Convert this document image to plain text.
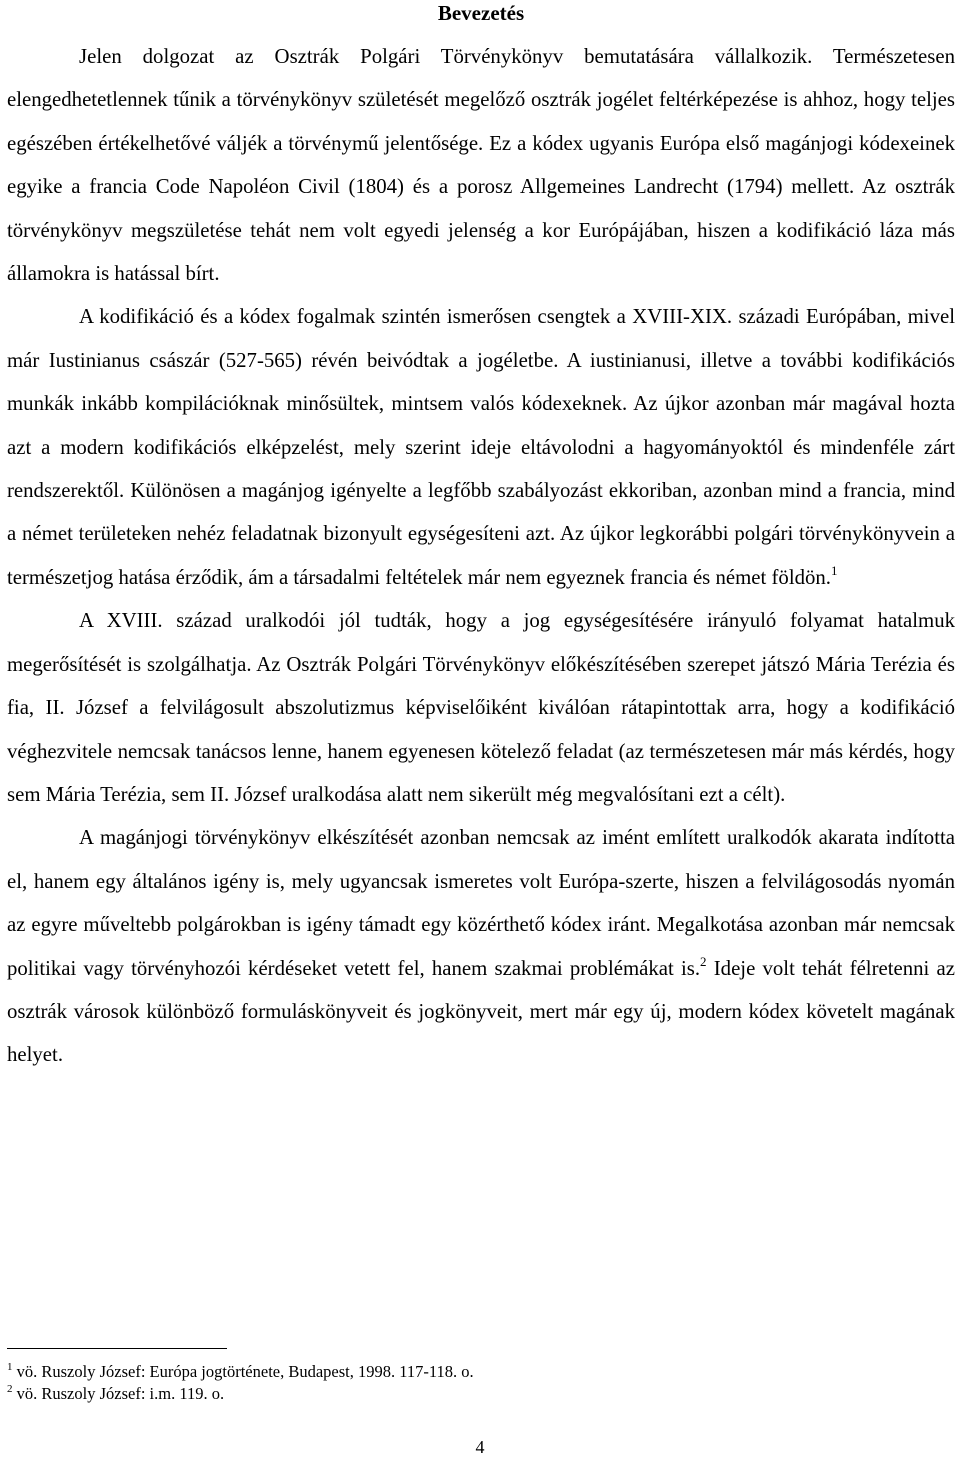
Bevezetés

Jelen dolgozat az Osztrák Polgári Törvénykönyv bemutatására vállalkozik. Természetesen elengedhetetlennek tűnik a törvénykönyv születését megelőző osztrák jogélet feltérképezése is ahhoz, hogy teljes egészében értékelhetővé váljék a törvénymű jelentősége. Ez a kódex ugyanis Európa első magánjogi kódexeinek egyike a francia Code Napoléon Civil (1804) és a porosz Allgemeines Landrecht (1794) mellett. Az osztrák törvénykönyv megszületése tehát nem volt egyedi jelenség a kor Európájában, hiszen a kodifikáció láza más államokra is hatással bírt.

A kodifikáció és a kódex fogalmak szintén ismerősen csengtek a XVIII-XIX. századi Európában, mivel már Iustinianus császár (527-565) révén beivódtak a jogéletbe. A iustinianusi, illetve a további kodifikációs munkák inkább kompilációknak minősültek, mintsem valós kódexeknek. Az újkor azonban már magával hozta azt a modern kodifikációs elképzelést, mely szerint ideje eltávolodni a hagyományoktól és mindenféle zárt rendszerektől. Különösen a magánjog igényelte a legfőbb szabályozást ekkoriban, azonban mind a francia, mind a német területeken nehéz feladatnak bizonyult egységesíteni azt. Az újkor legkorábbi polgári törvénykönyvein a természetjog hatása érződik, ám a társadalmi feltételek már nem egyeznek francia és német földön.$^1$

A XVIII. század uralkodói jól tudták, hogy a jog egységesítésére irányuló folyamat hatalmuk megerősítését is szolgálhatja. Az Osztrák Polgári Törvénykönyv előkészítésében szerepet játszó Mária Terézia és fia, II. József a felvilágosult abszolutizmus képviselőiként kiválóan rátapintottak arra, hogy a kodifikáció véghezvitele nemcsak tanácsos lenne, hanem egyenesen kötelező feladat (az természetesen már más kérdés, hogy sem Mária Terézia, sem II. József uralkodása alatt nem sikerült még megvalósítani ezt a célt).

A magánjogi törvénykönyv elkészítését azonban nemcsak az imént említett uralkodók akarata indította el, hanem egy általános igény is, mely ugyancsak ismeretes volt Európa-szerte, hiszen a felvilágosodás nyomán az egyre műveltebb polgárokban is igény támadt egy közérthető kódex iránt. Megalkotása azonban már nemcsak politikai vagy törvényhozói kérdéseket vetett fel, hanem szakmai problémákat is.$^2$ Ideje volt tehát félretenni az osztrák városok különböző formuláskönyveit és jogkönyveit, mert már egy új, modern kódex követelt magának helyet.

$^1$ vö. Ruszoly József: Európa jogtörténete, Budapest, 1998. 117-118. o.

$^2$ vö. Ruszoly József: i.m. 119. o.

4
